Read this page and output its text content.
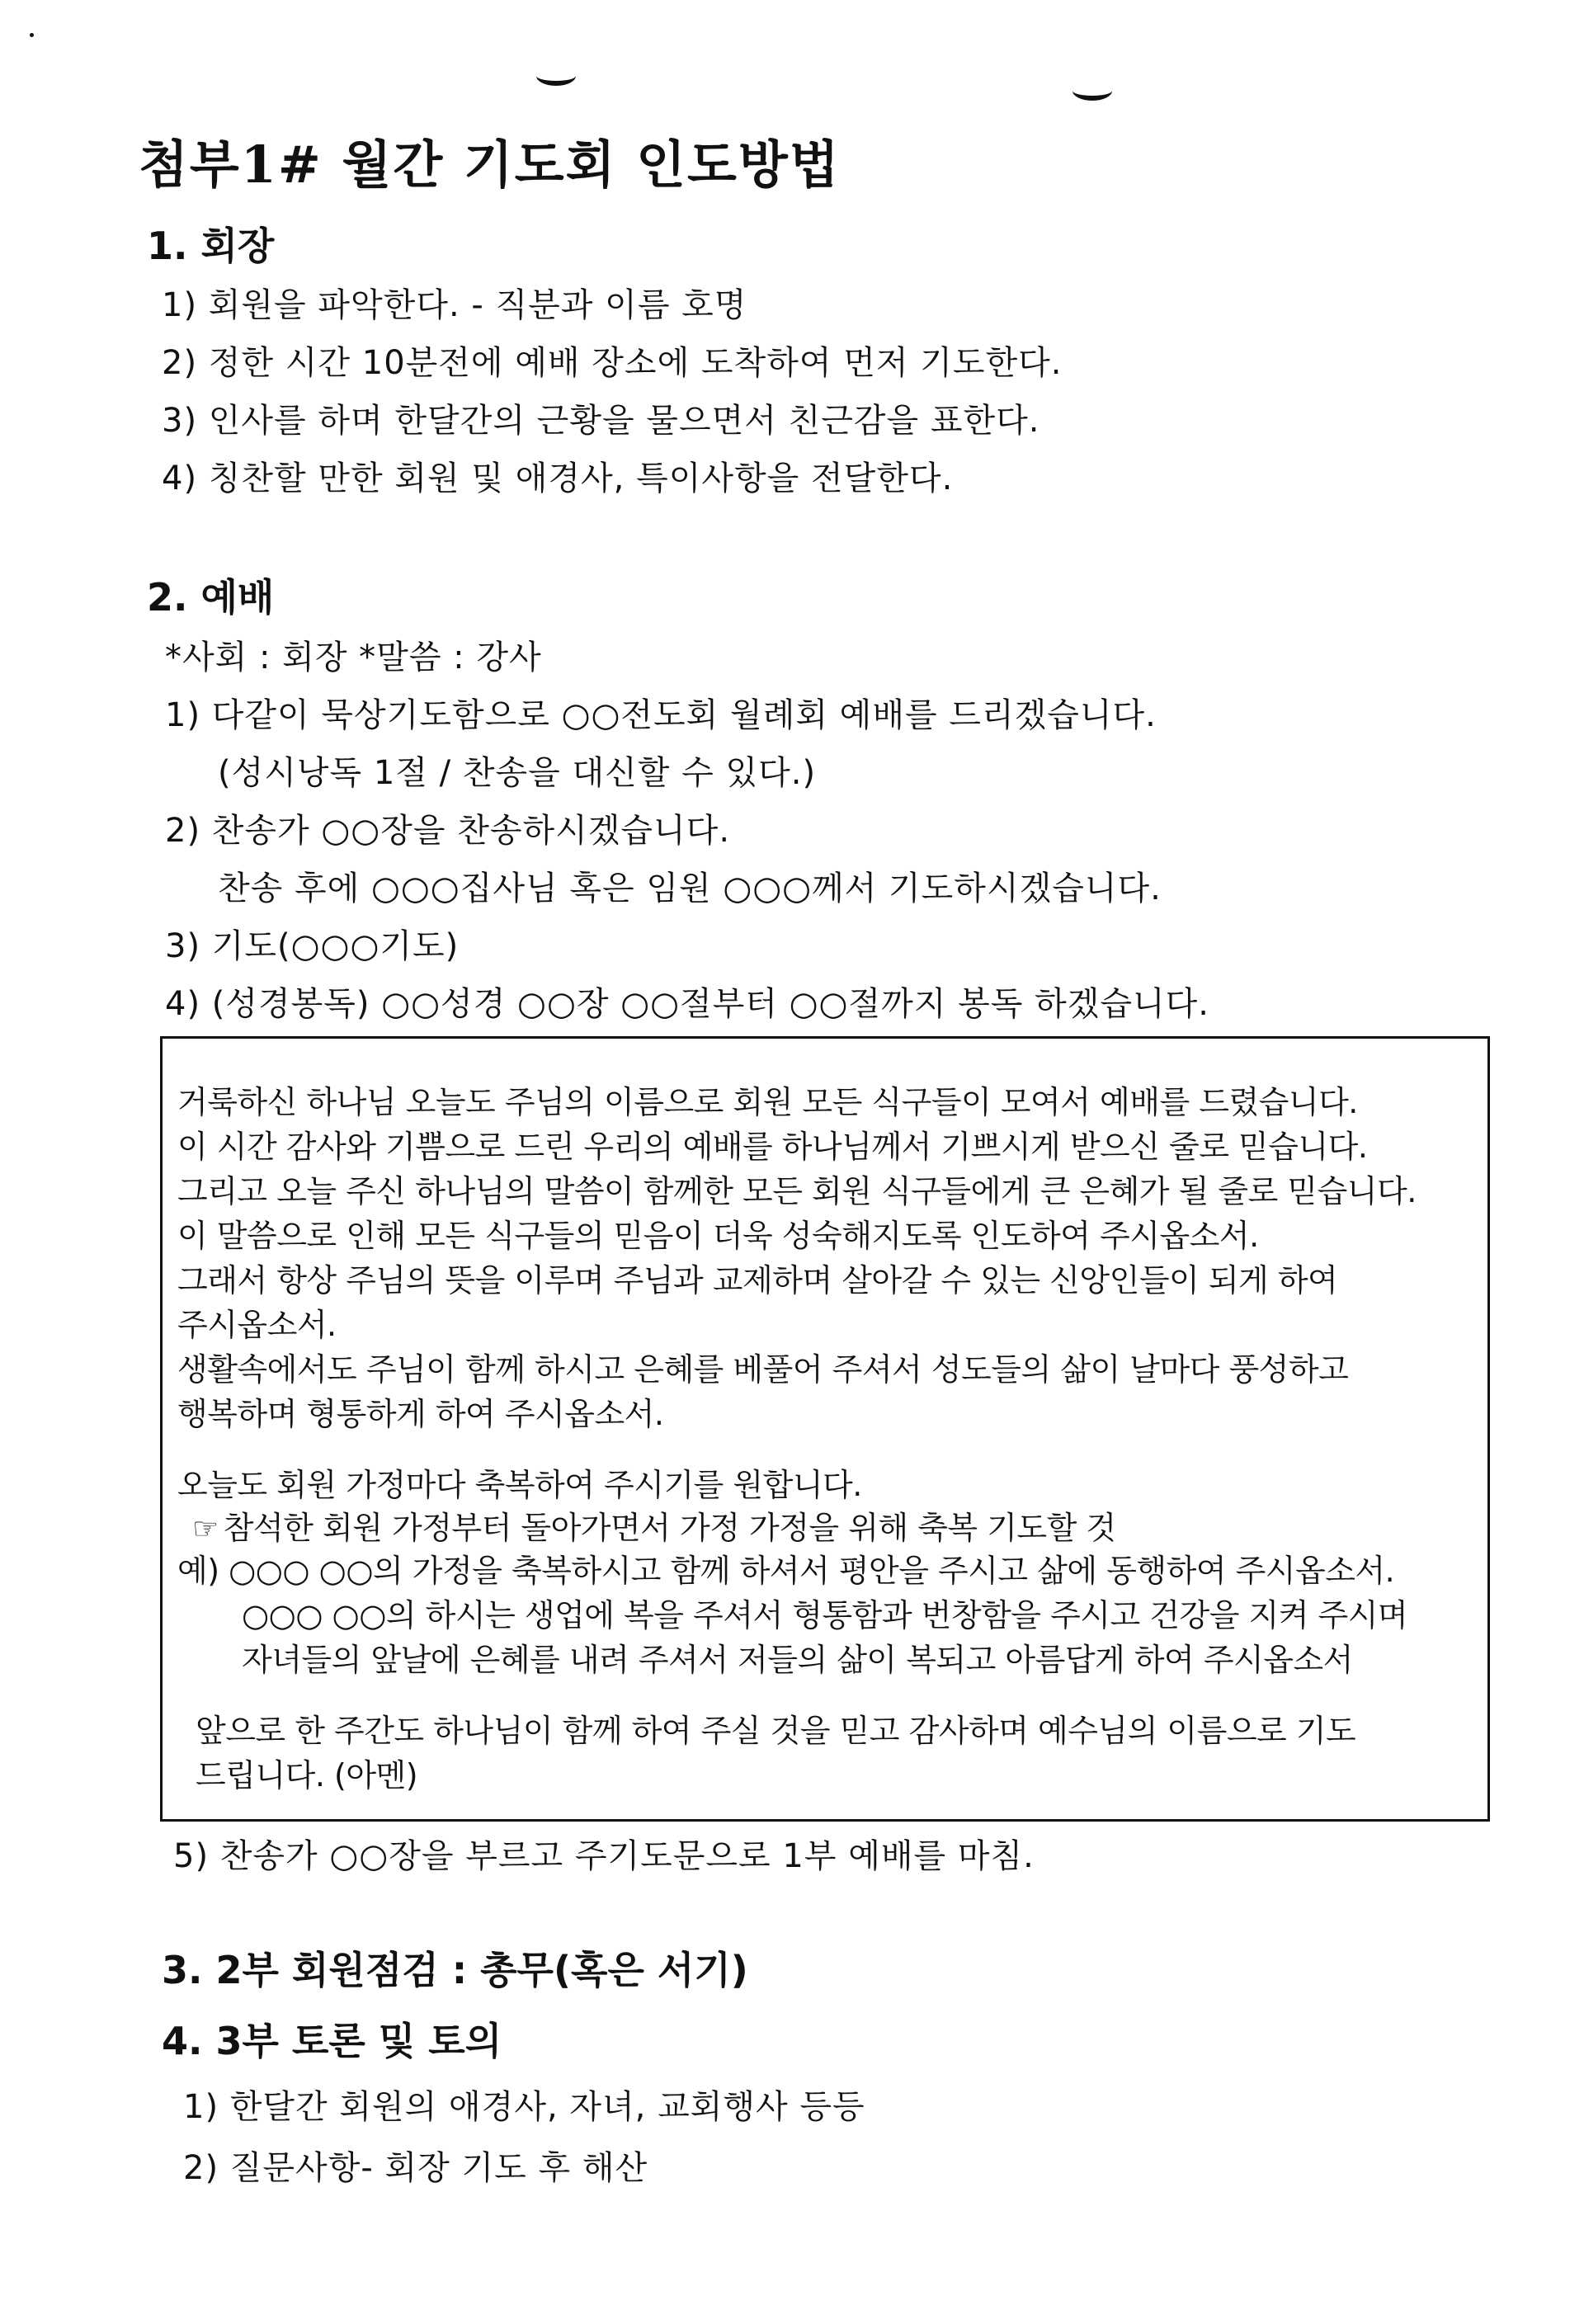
첨부1# 월간 기도회 인도방법
1. 회장
1) 회원을 파악한다. - 직분과 이름 호명
2) 정한 시간 10분전에 예배 장소에 도착하여 먼저 기도한다.
3) 인사를 하며 한달간의 근황을 물으면서 친근감을 표한다.
4) 칭찬할 만한 회원 및 애경사, 특이사항을 전달한다.
2. 예배
*사회 : 회장 *말씀 : 강사
1) 다같이 묵상기도함으로 ○○전도회 월례회 예배를 드리겠습니다.
(성시낭독 1절 / 찬송을 대신할 수 있다.)
2) 찬송가 ○○장을 찬송하시겠습니다.
찬송 후에 ○○○집사님 혹은 임원 ○○○께서 기도하시겠습니다.
3) 기도(○○○기도)
4) (성경봉독) ○○성경 ○○장 ○○절부터 ○○절까지 봉독 하겠습니다.
거룩하신 하나님 오늘도 주님의 이름으로 회원 모든 식구들이 모여서 예배를 드렸습니다.
이 시간 감사와 기쁨으로 드린 우리의 예배를 하나님께서 기쁘시게 받으신 줄로 믿습니다.
그리고 오늘 주신 하나님의 말씀이 함께한 모든 회원 식구들에게 큰 은혜가 될 줄로 믿습니다.
이 말씀으로 인해 모든 식구들의 믿음이 더욱 성숙해지도록 인도하여 주시옵소서.
그래서 항상 주님의 뜻을 이루며 주님과 교제하며 살아갈 수 있는 신앙인들이 되게 하여
주시옵소서.
생활속에서도 주님이 함께 하시고 은혜를 베풀어 주셔서 성도들의 삶이 날마다 풍성하고
행복하며 형통하게 하여 주시옵소서.
오늘도 회원 가정마다 축복하여 주시기를 원합니다.
☞ 참석한 회원 가정부터 돌아가면서 가정 가정을 위해 축복 기도할 것
예) ○○○ ○○의 가정을 축복하시고 함께 하셔서 평안을 주시고 삶에 동행하여 주시옵소서.
○○○ ○○의 하시는 생업에 복을 주셔서 형통함과 번창함을 주시고 건강을 지켜 주시며
자녀들의 앞날에 은혜를 내려 주셔서 저들의 삶이 복되고 아름답게 하여 주시옵소서
앞으로 한 주간도 하나님이 함께 하여 주실 것을 믿고 감사하며 예수님의 이름으로 기도
드립니다. (아멘)
5) 찬송가 ○○장을 부르고 주기도문으로 1부 예배를 마침.
3. 2부 회원점검 : 총무(혹은 서기)
4. 3부 토론 및 토의
1) 한달간 회원의 애경사, 자녀, 교회행사 등등
2) 질문사항- 회장 기도 후 해산
